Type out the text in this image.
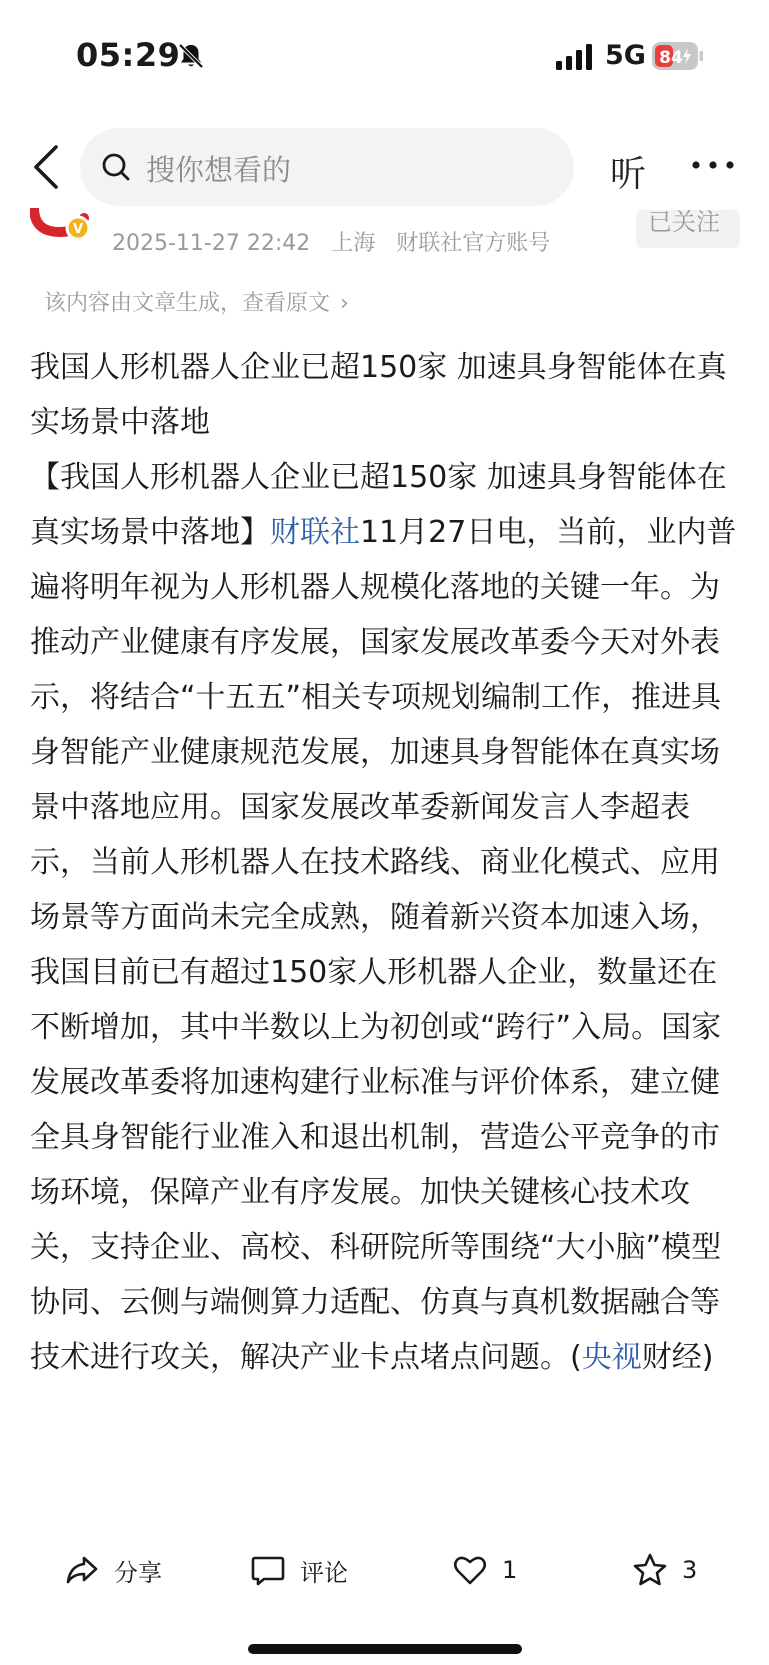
05:29	5G 84
V	已关注
2025-11-27 22:42 上海 财联社官方账号
搜你想看的	听
该内容由文章生成，查看原文 ›

我国人形机器人企业已超150家 加速具身智能体在真实场景中落地

【我国人形机器人企业已超150家 加速具身智能体在真实场景中落地】财联社11月27日电，当前，业内普遍将明年视为人形机器人规模化落地的关键一年。为推动产业健康有序发展，国家发展改革委今天对外表示，将结合“十五五”相关专项规划编制工作，推进具身智能产业健康规范发展，加速具身智能体在真实场景中落地应用。国家发展改革委新闻发言人李超表示，当前人形机器人在技术路线、商业化模式、应用场景等方面尚未完全成熟，随着新兴资本加速入场，我国目前已有超过150家人形机器人企业，数量还在不断增加，其中半数以上为初创或“跨行”入局。国家发展改革委将加速构建行业标准与评价体系，建立健全具身智能行业准入和退出机制，营造公平竞争的市场环境，保障产业有序发展。加快关键核心技术攻关，支持企业、高校、科研院所等围绕“大小脑”模型协同、云侧与端侧算力适配、仿真与真机数据融合等技术进行攻关，解决产业卡点堵点问题。(央视财经)

分享	评论	1	3
